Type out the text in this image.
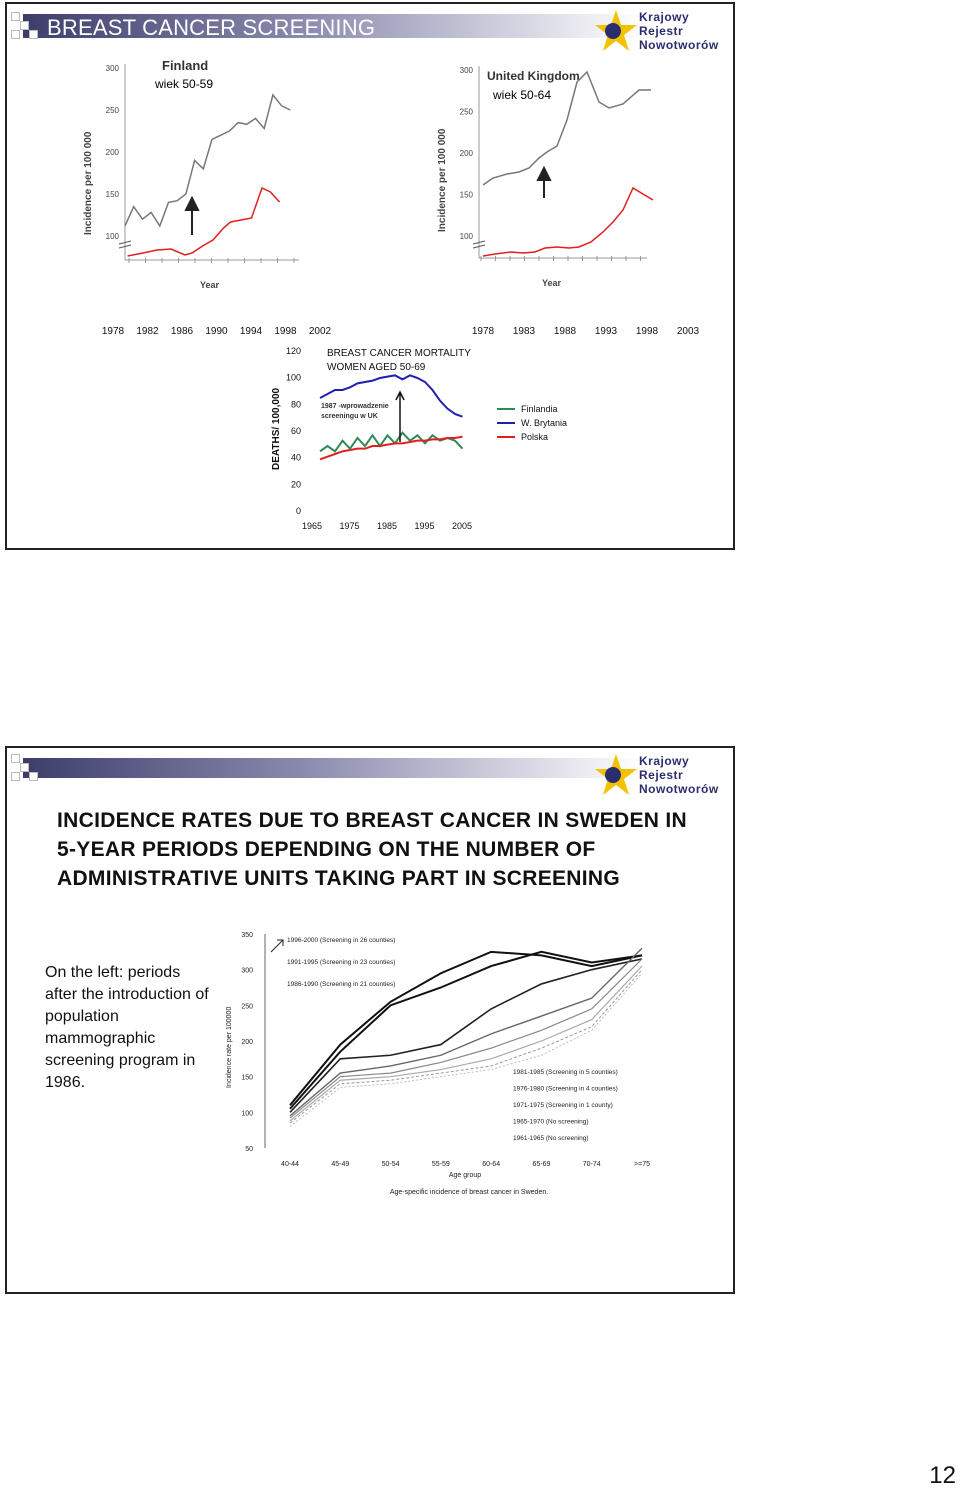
BREAST CANCER SCREENING	Krajowy
Rejestr
Nowotworów
Finland
wiek 50-59
Incidence per 100 000
300
250
200
150
100
Year
United Kingdom
wiek 50-64
Incidence per 100 000
300
250
200
150
100
Year
1978 1982 1986 1990 1994 1998 2002	1978 1983 1988 1993 1998 2003
BREAST CANCER MORTALITY
WOMEN AGED 50-69
DEATHS/ 100,000
120
100
80
60
40
20
0
1965 1975 1985 1995 2005
1987 -wprowadzenie
screeningu w UK
Finlandia
W. Brytania
Polska
Krajowy
Rejestr
Nowotworów
INCIDENCE RATES DUE TO BREAST CANCER IN SWEDEN IN 5-YEAR PERIODS DEPENDING ON THE NUMBER OF ADMINISTRATIVE UNITS TAKING PART IN SCREENING
On the left: periods after the introduction of population mammographic screening program in 1986.	Incidence rate per 100000
350
300
250
200
150
100
50
40-44	45-49	50-54	55-59	60-64	65-69	70-74	>=75
Age group
Age-specific incidence of breast cancer in Sweden.
1996-2000 (Screening in 26 counties)
1991-1995 (Screening in 23 counties)
1986-1990 (Screening in 21 counties)
1981-1985 (Screening in 5 counties)
1976-1980 (Screening in 4 counties)
1971-1975 (Screening in 1 county)
1965-1970 (No screening)
1961-1965 (No screening)
12
